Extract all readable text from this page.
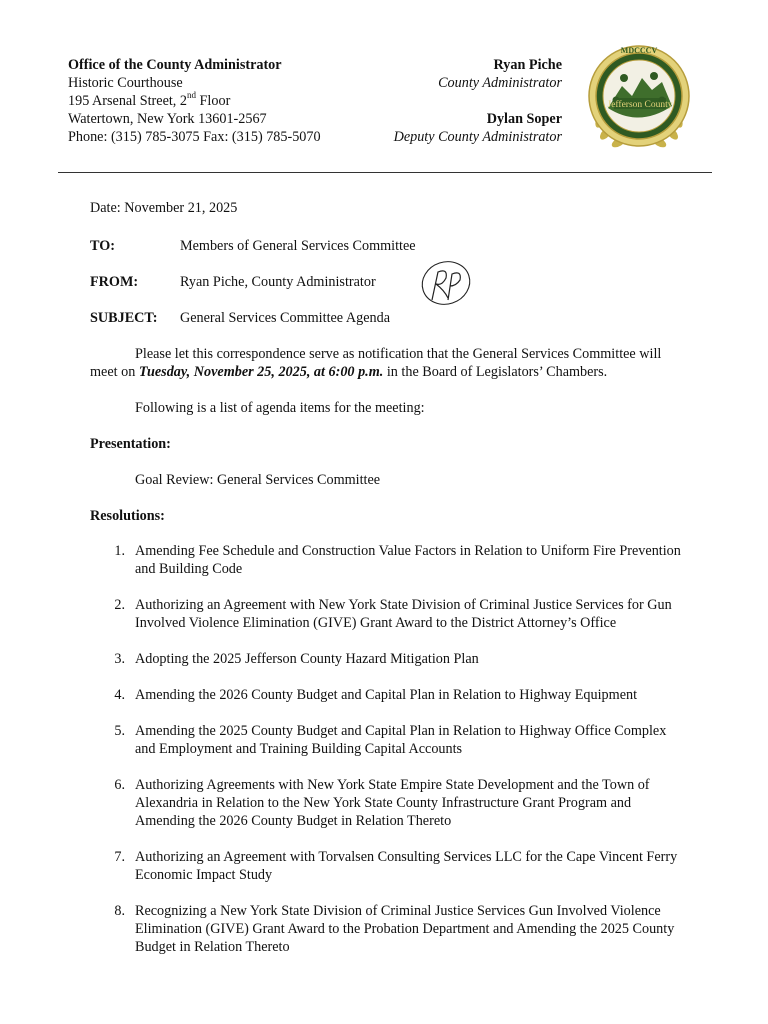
Office of the County Administrator
Historic Courthouse
195 Arsenal Street, 2nd Floor
Watertown, New York 13601-2567
Phone: (315) 785-3075 Fax: (315) 785-5070
Ryan Piche
County Administrator
Dylan Soper
Deputy County Administrator
Jefferson County
MDCCCV
Date: November 21, 2025
TO:	Members of General Services Committee
FROM:	Ryan Piche, County Administrator
SUBJECT:	General Services Committee Agenda
Please let this correspondence serve as notification that the General Services Committee will meet on Tuesday, November 25, 2025, at 6:00 p.m. in the Board of Legislators’ Chambers.
Following is a list of agenda items for the meeting:
Presentation:
Goal Review: General Services Committee
Resolutions:
1. Amending Fee Schedule and Construction Value Factors in Relation to Uniform Fire Prevention and Building Code
2. Authorizing an Agreement with New York State Division of Criminal Justice Services for Gun Involved Violence Elimination (GIVE) Grant Award to the District Attorney’s Office
3. Adopting the 2025 Jefferson County Hazard Mitigation Plan
4. Amending the 2026 County Budget and Capital Plan in Relation to Highway Equipment
5. Amending the 2025 County Budget and Capital Plan in Relation to Highway Office Complex and Employment and Training Building Capital Accounts
6. Authorizing Agreements with New York State Empire State Development and the Town of Alexandria in Relation to the New York State County Infrastructure Grant Program and Amending the 2026 County Budget in Relation Thereto
7. Authorizing an Agreement with Torvalsen Consulting Services LLC for the Cape Vincent Ferry Economic Impact Study
8. Recognizing a New York State Division of Criminal Justice Services Gun Involved Violence Elimination (GIVE) Grant Award to the Probation Department and Amending the 2025 County Budget in Relation Thereto
